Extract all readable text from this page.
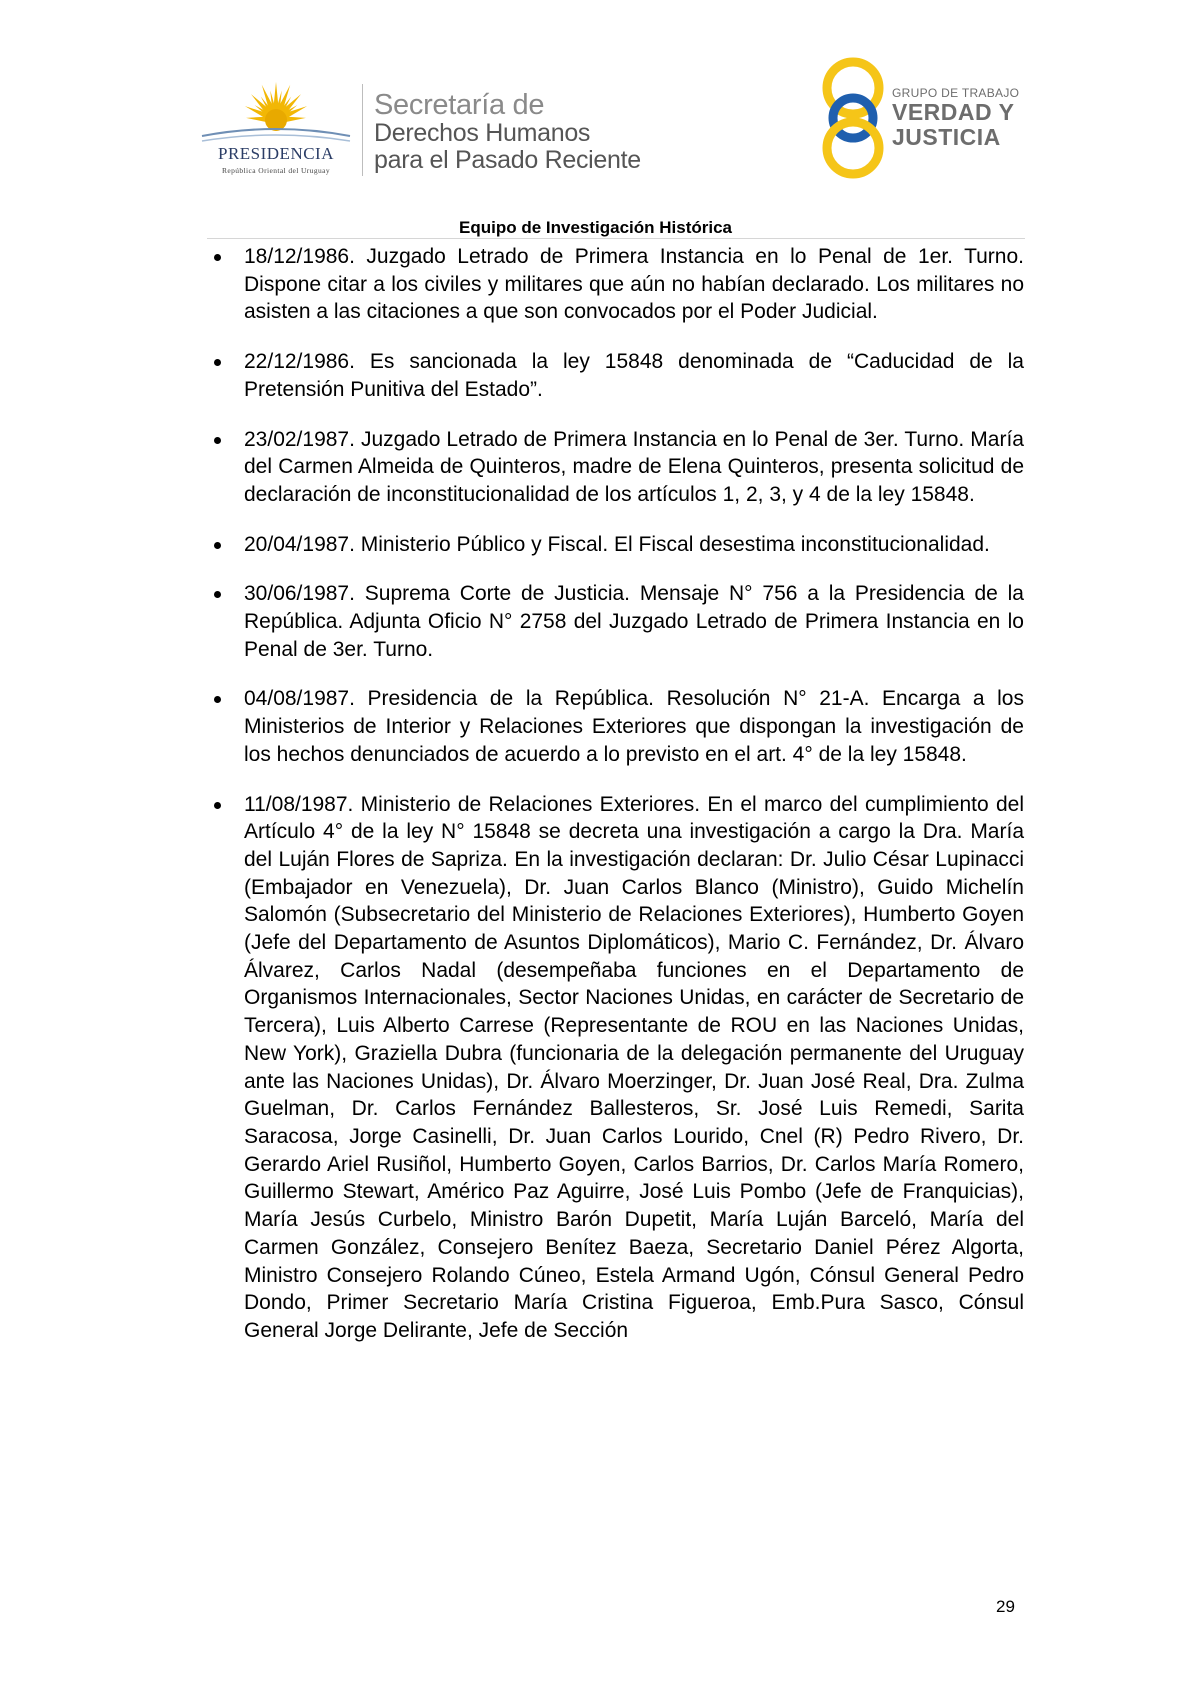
PRESIDENCIA
República Oriental del Uruguay
Secretaría de
Derechos Humanos
para el Pasado Reciente
GRUPO DE TRABAJO
VERDAD Y
JUSTICIA
Equipo de Investigación Histórica
18/12/1986. Juzgado Letrado de Primera Instancia en lo Penal de 1er. Turno. Dispone citar a los civiles y militares que aún no habían declarado. Los militares no asisten a las citaciones a que son convocados por el Poder Judicial.
22/12/1986. Es sancionada la ley 15848 denominada de “Caducidad de la Pretensión Punitiva del Estado”.
23/02/1987. Juzgado Letrado de Primera Instancia en lo Penal de 3er. Turno. María del Carmen Almeida de Quinteros, madre de Elena Quinteros, presenta solicitud de declaración de inconstitucionalidad de los artículos 1, 2, 3, y 4 de la ley 15848.
20/04/1987. Ministerio Público y Fiscal. El Fiscal desestima inconstitucionalidad.
30/06/1987. Suprema Corte de Justicia. Mensaje N° 756 a la Presidencia de la República. Adjunta Oficio N° 2758 del Juzgado Letrado de Primera Instancia en lo Penal de 3er. Turno.
04/08/1987. Presidencia de la República. Resolución N° 21-A. Encarga a los Ministerios de Interior y Relaciones Exteriores que dispongan la investigación de los hechos denunciados de acuerdo a lo previsto en el art. 4° de la ley 15848.
11/08/1987. Ministerio de Relaciones Exteriores. En el marco del cumplimiento del Artículo 4° de la ley N° 15848 se decreta una investigación a cargo la Dra. María del Luján Flores de Sapriza. En la investigación declaran: Dr. Julio César Lupinacci (Embajador en Venezuela), Dr. Juan Carlos Blanco (Ministro), Guido Michelín Salomón (Subsecretario del Ministerio de Relaciones Exteriores), Humberto Goyen (Jefe del Departamento de Asuntos Diplomáticos), Mario C. Fernández, Dr. Álvaro Álvarez, Carlos Nadal (desempeñaba funciones en el Departamento de Organismos Internacionales, Sector Naciones Unidas, en carácter de Secretario de Tercera), Luis Alberto Carrese (Representante de ROU en las Naciones Unidas, New York), Graziella Dubra (funcionaria de la delegación permanente del Uruguay ante las Naciones Unidas), Dr. Álvaro Moerzinger, Dr. Juan José Real, Dra. Zulma Guelman, Dr. Carlos Fernández Ballesteros, Sr. José Luis Remedi, Sarita Saracosa, Jorge Casinelli, Dr. Juan Carlos Lourido, Cnel (R) Pedro Rivero, Dr. Gerardo Ariel Rusiñol, Humberto Goyen, Carlos Barrios, Dr. Carlos María Romero, Guillermo Stewart, Américo Paz Aguirre, José Luis Pombo (Jefe de Franquicias), María Jesús Curbelo, Ministro Barón Dupetit, María Luján Barceló, María del Carmen González, Consejero Benítez Baeza, Secretario Daniel Pérez Algorta, Ministro Consejero Rolando Cúneo, Estela Armand Ugón, Cónsul General Pedro Dondo, Primer Secretario María Cristina Figueroa, Emb.Pura Sasco, Cónsul General Jorge Delirante, Jefe de Sección
29
